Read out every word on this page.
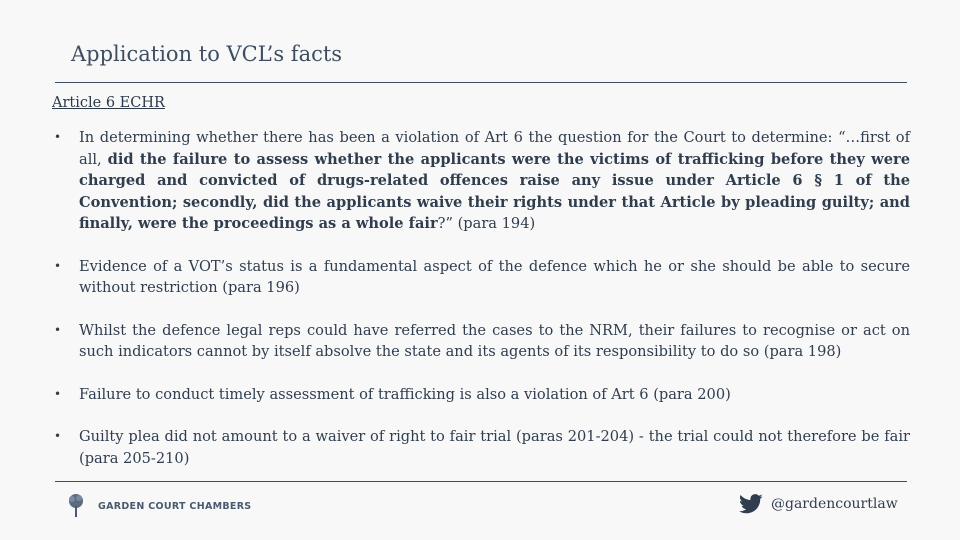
Application to VCL’s facts
Article 6 ECHR
• In determining whether there has been a violation of Art 6 the question for the Court to determine: “…first of all, did the failure to assess whether the applicants were the victims of trafficking before they were charged and convicted of drugs-related offences raise any issue under Article 6 § 1 of the Convention; secondly, did the applicants waive their rights under that Article by pleading guilty; and finally, were the proceedings as a whole fair?” (para 194)
• Evidence of a VOT’s status is a fundamental aspect of the defence which he or she should be able to secure without restriction (para 196)
• Whilst the defence legal reps could have referred the cases to the NRM, their failures to recognise or act on such indicators cannot by itself absolve the state and its agents of its responsibility to do so (para 198)
• Failure to conduct timely assessment of trafficking is also a violation of Art 6 (para 200)
• Guilty plea did not amount to a waiver of right to fair trial (paras 201-204) - the trial could not therefore be fair (para 205-210)
GARDEN COURT CHAMBERS	@gardencourtlaw
